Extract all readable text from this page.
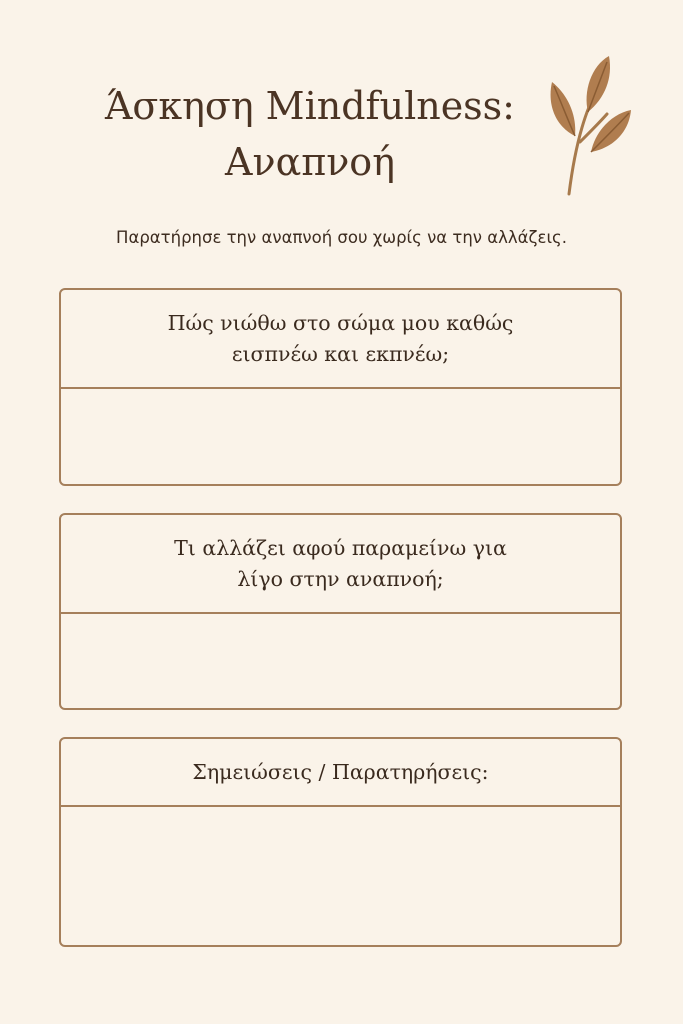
Άσκηση Mindfulness:
Αναπνοή

Παρατήρησε την αναπνοή σου χωρίς να την αλλάζεις.

Πώς νιώθω στο σώμα μου καθώς
εισπνέω και εκπνέω;
Τι αλλάζει αφού παραμείνω για
λίγο στην αναπνοή;
Σημειώσεις / Παρατηρήσεις:
